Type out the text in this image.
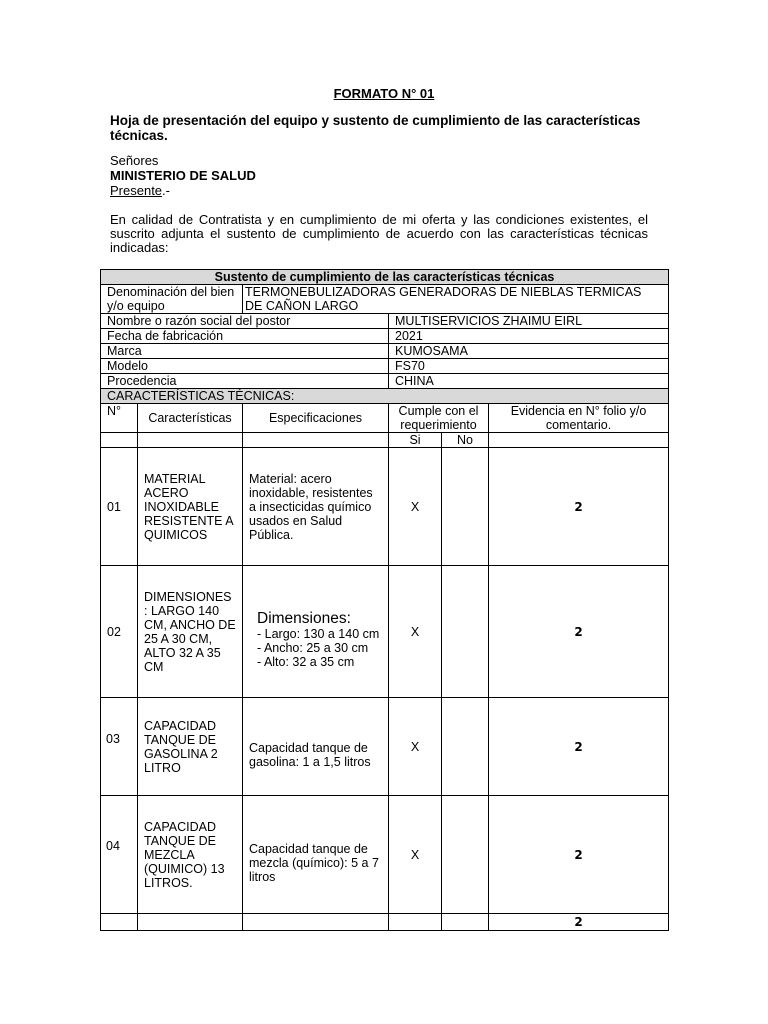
FORMATO N° 01
Hoja de presentación del equipo y sustento de cumplimiento de las características técnicas.
Señores
MINISTERIO DE SALUD
Presente.-
En calidad de Contratista y en cumplimiento de mi oferta y las condiciones existentes, el suscrito adjunta el sustento de cumplimiento de acuerdo con las características técnicas indicadas:
Sustento de cumplimiento de las características técnicas					
Denominación del bien y/o equipo		TERMONEBULIZADORAS GENERADORAS DE NIEBLAS TERMICAS DE CAÑON LARGO			
Nombre o razón social del postor			MULTISERVICIOS ZHAIMU EIRL		
Fecha de fabricación			2021		
Marca			KUMOSAMA		
Modelo			FS70		
Procedencia			CHINA		
CARACTERÍSTICAS TÉCNICAS:					
N°	Características	Especificaciones	Cumple con el requerimiento		Evidencia en N° folio y/o comentario.
			Si	No	
01	MATERIAL ACERO INOXIDABLE RESISTENTE A QUIMICOS	Material: acero inoxidable, resistentes a insecticidas químico usados en Salud Pública.	X		2
02	DIMENSIONES : LARGO 140 CM, ANCHO DE 25 A 30 CM, ALTO 32 A 35 CM	Dimensiones:
- Largo: 130 a 140 cm
- Ancho: 25 a 30 cm
- Alto: 32 a 35 cm	X		2
03	CAPACIDAD TANQUE DE GASOLINA 2 LITRO	Capacidad tanque de gasolina: 1 a 1,5 litros	X		2
04	CAPACIDAD TANQUE DE MEZCLA (QUIMICO) 13 LITROS.	Capacidad tanque de mezcla (químico): 5 a 7 litros	X		2
					2
